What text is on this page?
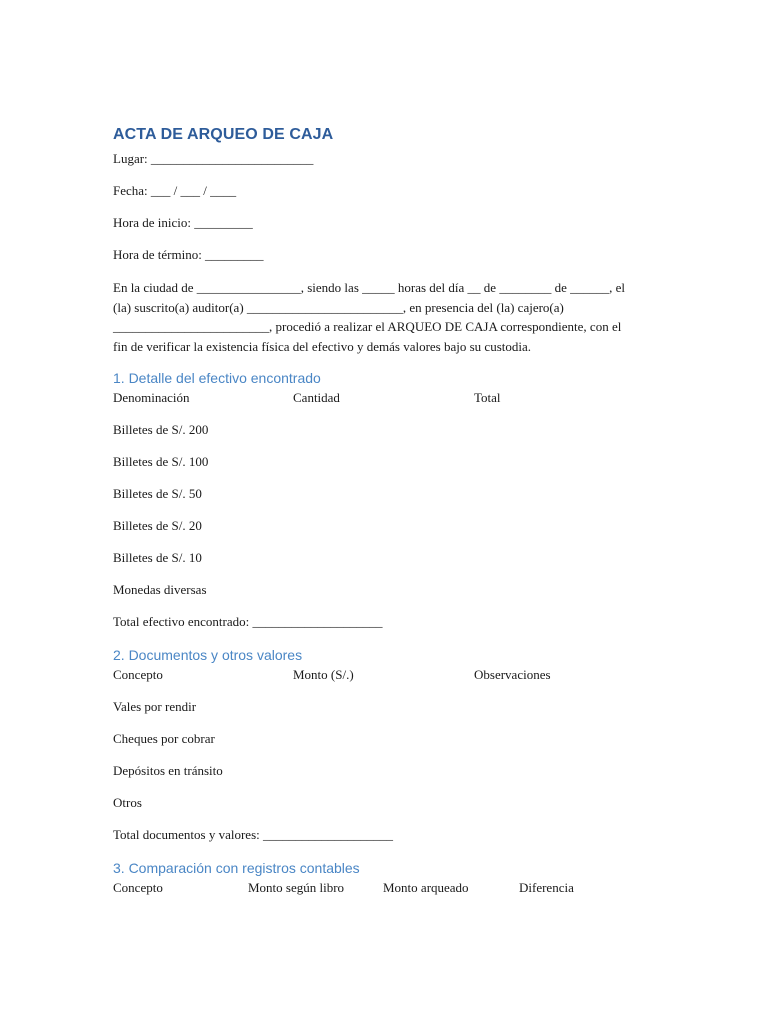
ACTA DE ARQUEO DE CAJA
Lugar: _________________________
Fecha: ___ / ___ / ____
Hora de inicio: _________
Hora de término: _________
En la ciudad de ________________, siendo las _____ horas del día __ de ________ de ______, el
(la) suscrito(a) auditor(a) ________________________, en presencia del (la) cajero(a)
________________________, procedió a realizar el ARQUEO DE CAJA correspondiente, con el
fin de verificar la existencia física del efectivo y demás valores bajo su custodia.
1. Detalle del efectivo encontrado
Denominación	Cantidad	Total
Billetes de S/. 200
Billetes de S/. 100
Billetes de S/. 50
Billetes de S/. 20
Billetes de S/. 10
Monedas diversas
Total efectivo encontrado: ____________________
2. Documentos y otros valores
Concepto	Monto (S/.)	Observaciones
Vales por rendir
Cheques por cobrar
Depósitos en tránsito
Otros
Total documentos y valores: ____________________
3. Comparación con registros contables
Concepto	Monto según libro	Monto arqueado	Diferencia
